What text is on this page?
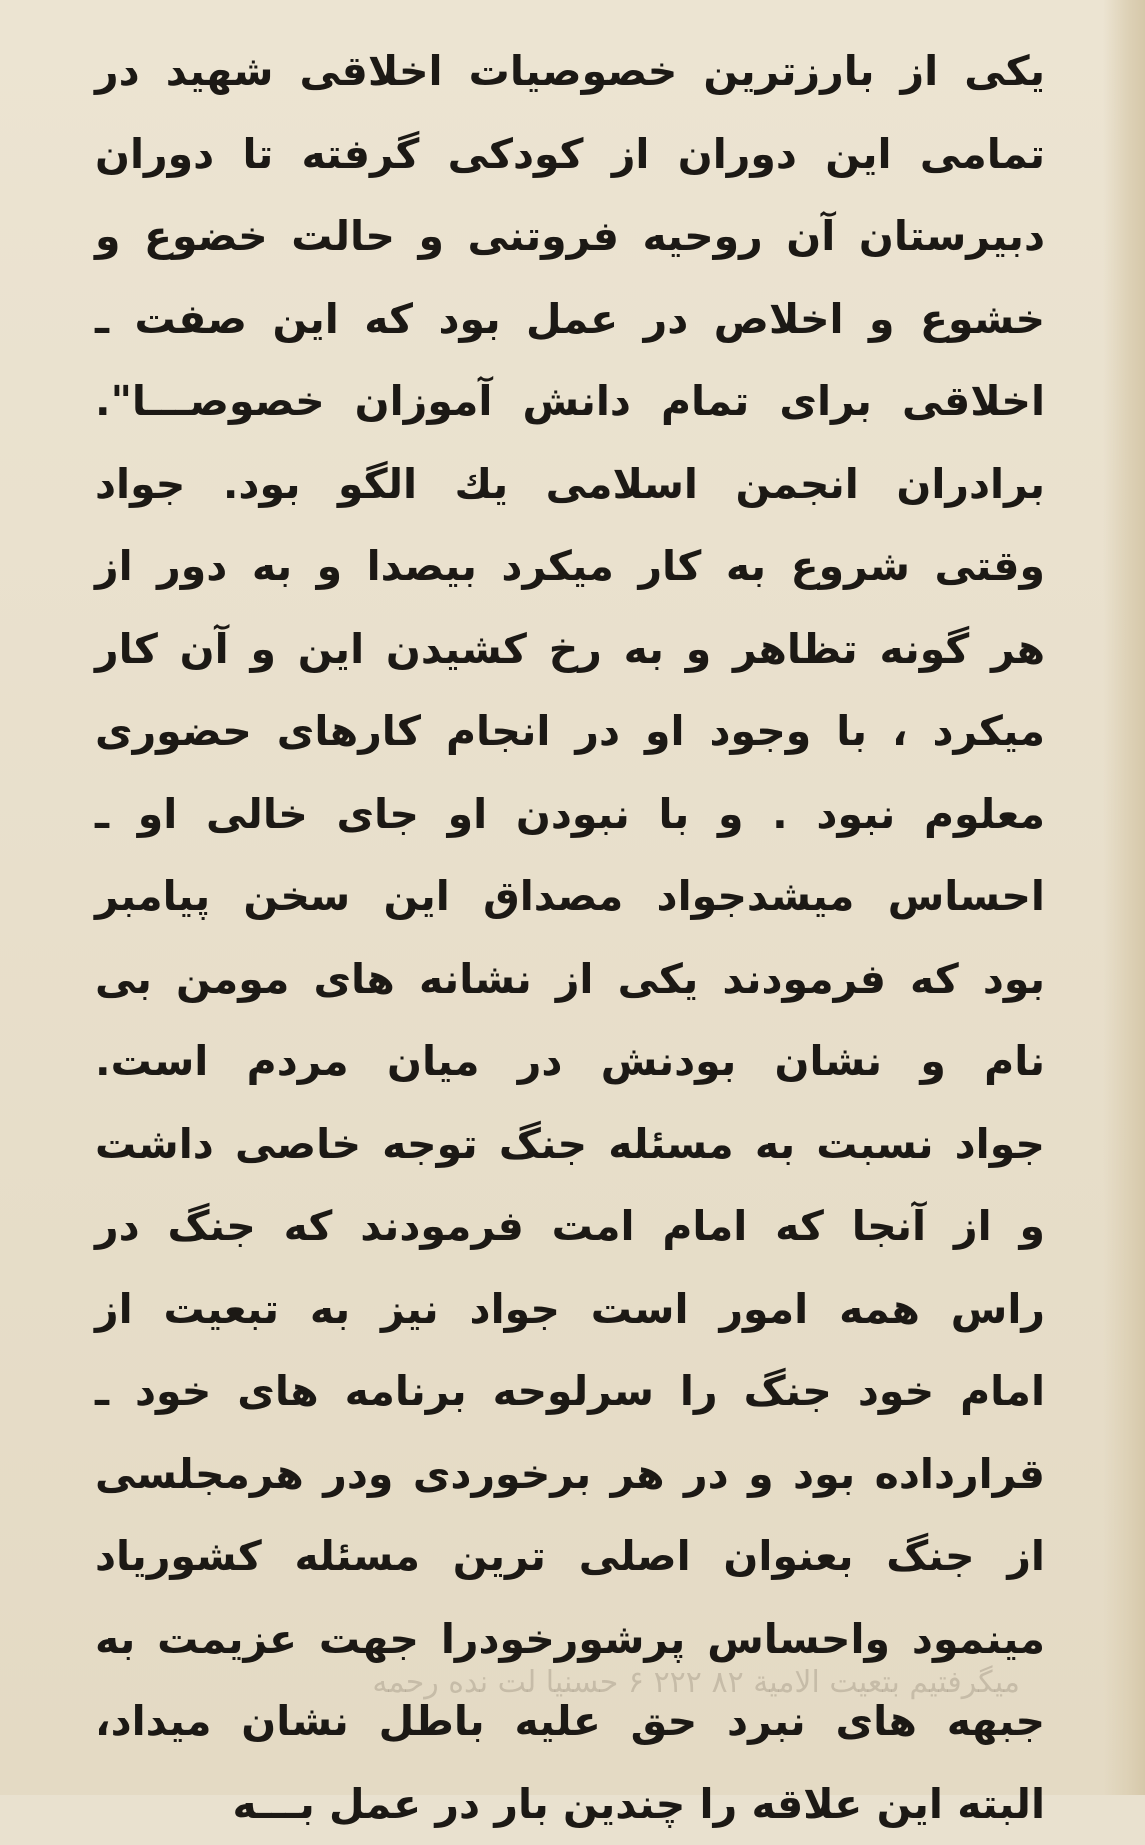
یکی از بارزترین خصوصیات اخلاقی شهید در
تمامی این دوران از کودکی گرفته تا دوران
دبیرستان آن روحیه فروتنی و حالت خضوع و
خشوع و اخلاص در عمل بود که این صفت ـ
اخلاقی برای تمام دانش آموزان خصوصـــا".
برادران انجمن اسلامی یك الگو بود. جواد
وقتی شروع به کار میکرد بیصدا و به دور از
هر گونه تظاهر و به رخ کشیدن این و آن کار
میکرد ، با وجود او در انجام کارهای حضوری
معلوم نبود . و با نبودن او جای خالی او ـ
احساس میشدجواد مصداق این سخن پیامبر
بود که فرمودند یکی از نشانه های مومن بی
نام و نشان بودنش در میان مردم است.
جواد نسبت به مسئله جنگ توجه خاصی داشت
و از آنجا که امام امت فرمودند که جنگ در
راس همه امور است جواد نیز به تبعیت از
امام خود جنگ را سرلوحه برنامه های خود ـ
قرارداده بود و در هر برخوردی ودر هرمجلسی
از جنگ بعنوان اصلی ترین مسئله کشوریاد
مینمود واحساس پرشورخودرا جهت عزیمت به
جبهه های نبرد حق علیه باطل نشان میداد،
البته این علاقه را چندین بار در عمل بـــه
میگرفتیم بتعیت الامیة ۸۲ ۲۲۲ ۶ حسنیا لت نده رحمه
